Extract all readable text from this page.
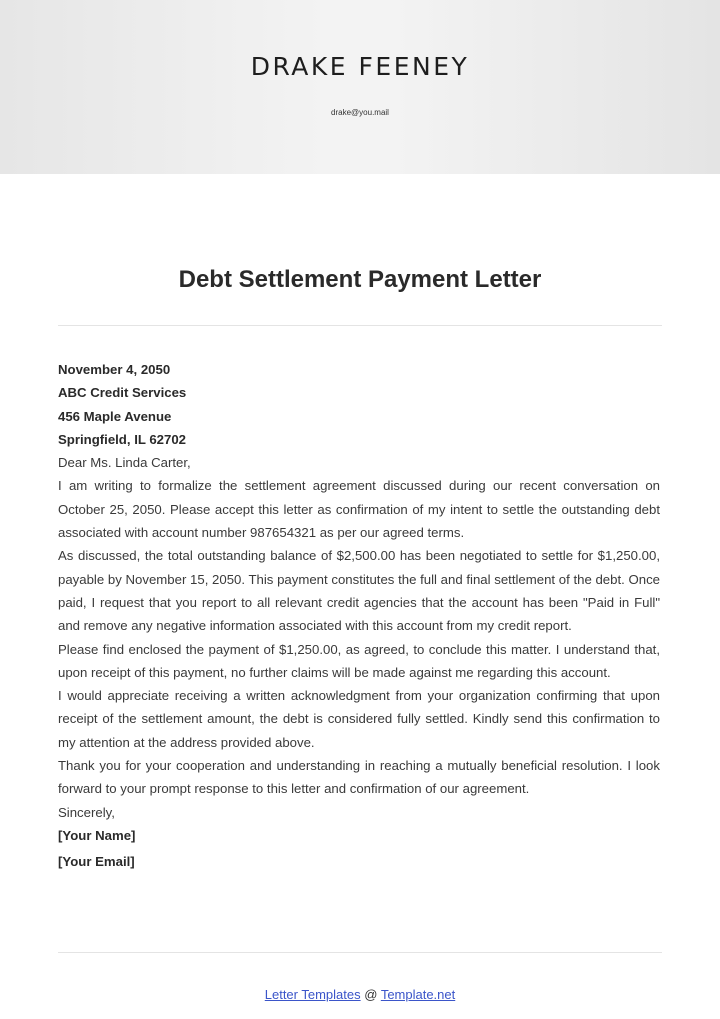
DRAKE FEENEY
drake@you.mail
Debt Settlement Payment Letter

November 4, 2050

ABC Credit Services

456 Maple Avenue

Springfield, IL 62702

Dear Ms. Linda Carter,

I am writing to formalize the settlement agreement discussed during our recent conversation on October 25, 2050. Please accept this letter as confirmation of my intent to settle the outstanding debt associated with account number 987654321 as per our agreed terms.

As discussed, the total outstanding balance of $2,500.00 has been negotiated to settle for $1,250.00, payable by November 15, 2050. This payment constitutes the full and final settlement of the debt. Once paid, I request that you report to all relevant credit agencies that the account has been "Paid in Full" and remove any negative information associated with this account from my credit report.

Please find enclosed the payment of $1,250.00, as agreed, to conclude this matter. I understand that, upon receipt of this payment, no further claims will be made against me regarding this account.

I would appreciate receiving a written acknowledgment from your organization confirming that upon receipt of the settlement amount, the debt is considered fully settled. Kindly send this confirmation to my attention at the address provided above.

Thank you for your cooperation and understanding in reaching a mutually beneficial resolution. I look forward to your prompt response to this letter and confirmation of our agreement.

Sincerely,

[Your Name]

[Your Email]

Letter Templates @ Template.net
